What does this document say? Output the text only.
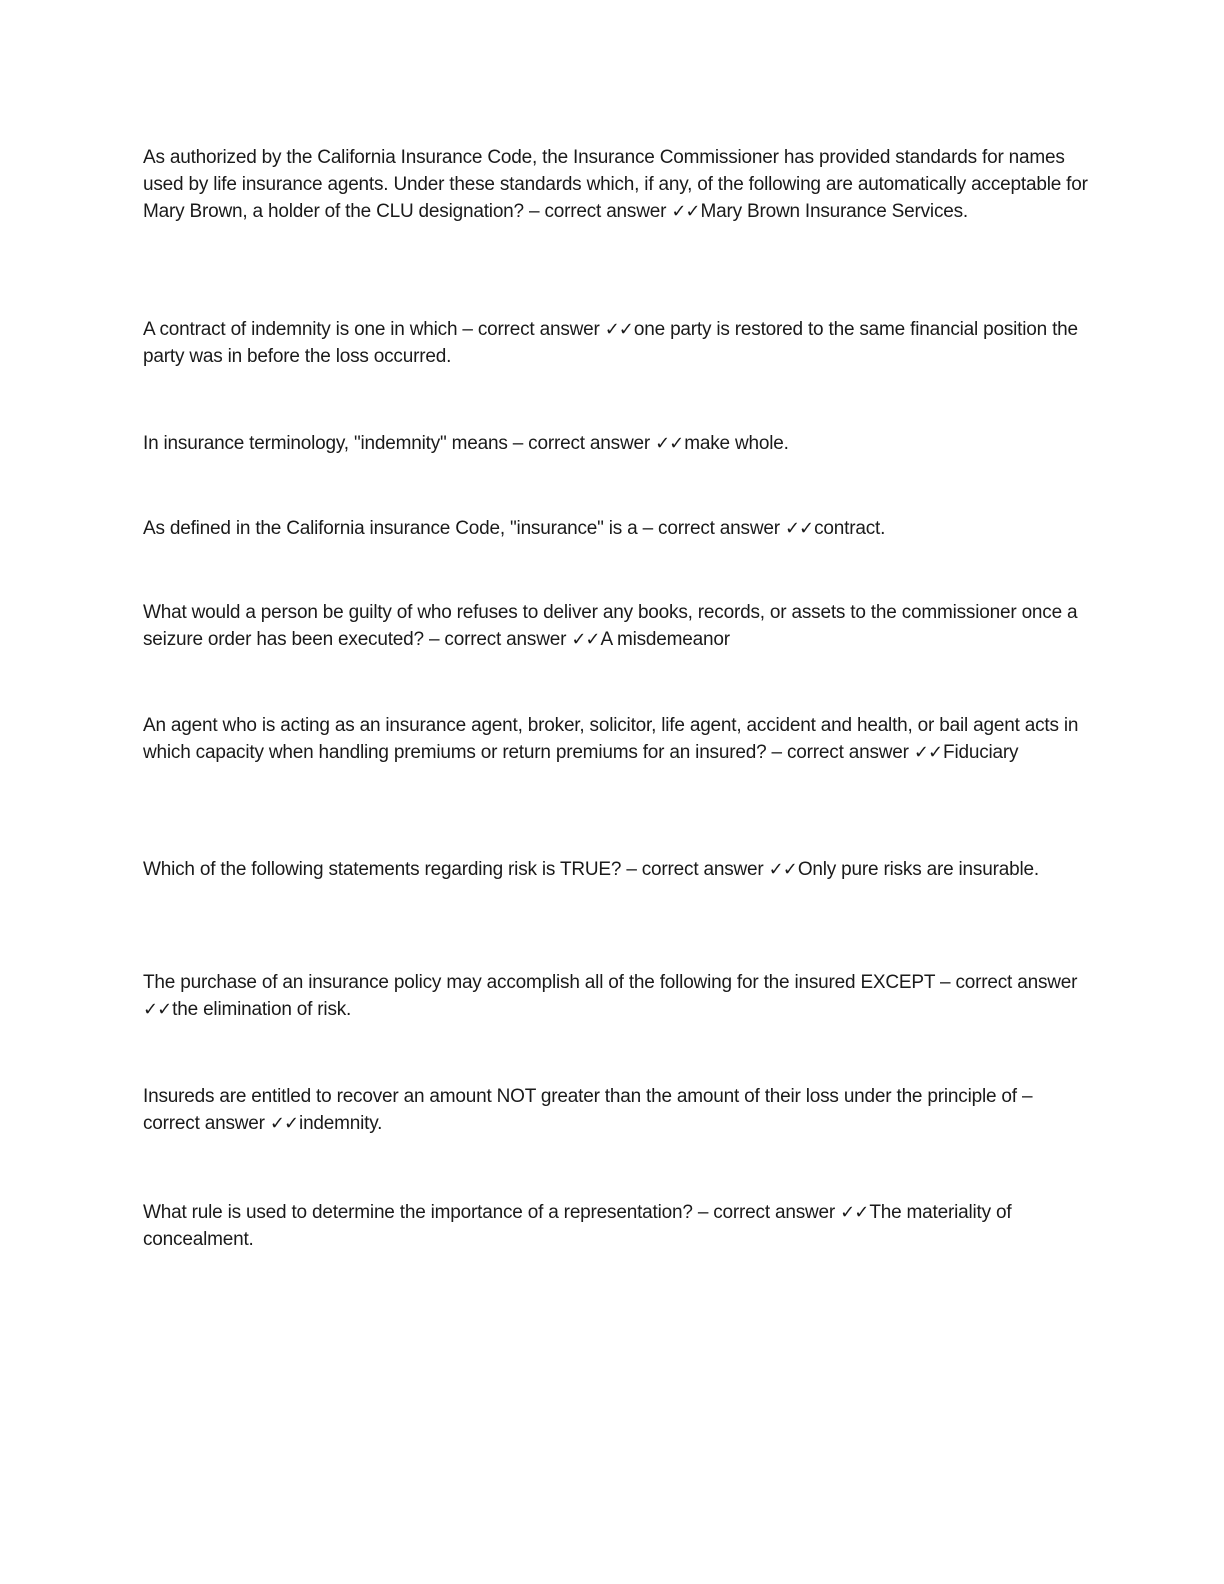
As authorized by the California Insurance Code, the Insurance Commissioner has provided standards for names used by life insurance agents. Under these standards which, if any, of the following are automatically acceptable for Mary Brown, a holder of the CLU designation? – correct answer ✓✓Mary Brown Insurance Services.

A contract of indemnity is one in which – correct answer ✓✓one party is restored to the same financial position the party was in before the loss occurred.

In insurance terminology, "indemnity" means – correct answer ✓✓make whole.

As defined in the California insurance Code, "insurance" is a – correct answer ✓✓contract.

What would a person be guilty of who refuses to deliver any books, records, or assets to the commissioner once a seizure order has been executed? – correct answer ✓✓A misdemeanor

An agent who is acting as an insurance agent, broker, solicitor, life agent, accident and health, or bail agent acts in which capacity when handling premiums or return premiums for an insured? – correct answer ✓✓Fiduciary

Which of the following statements regarding risk is TRUE? – correct answer ✓✓Only pure risks are insurable.

The purchase of an insurance policy may accomplish all of the following for the insured EXCEPT – correct answer ✓✓the elimination of risk.

Insureds are entitled to recover an amount NOT greater than the amount of their loss under the principle of – correct answer ✓✓indemnity.

What rule is used to determine the importance of a representation? – correct answer ✓✓The materiality of concealment.
